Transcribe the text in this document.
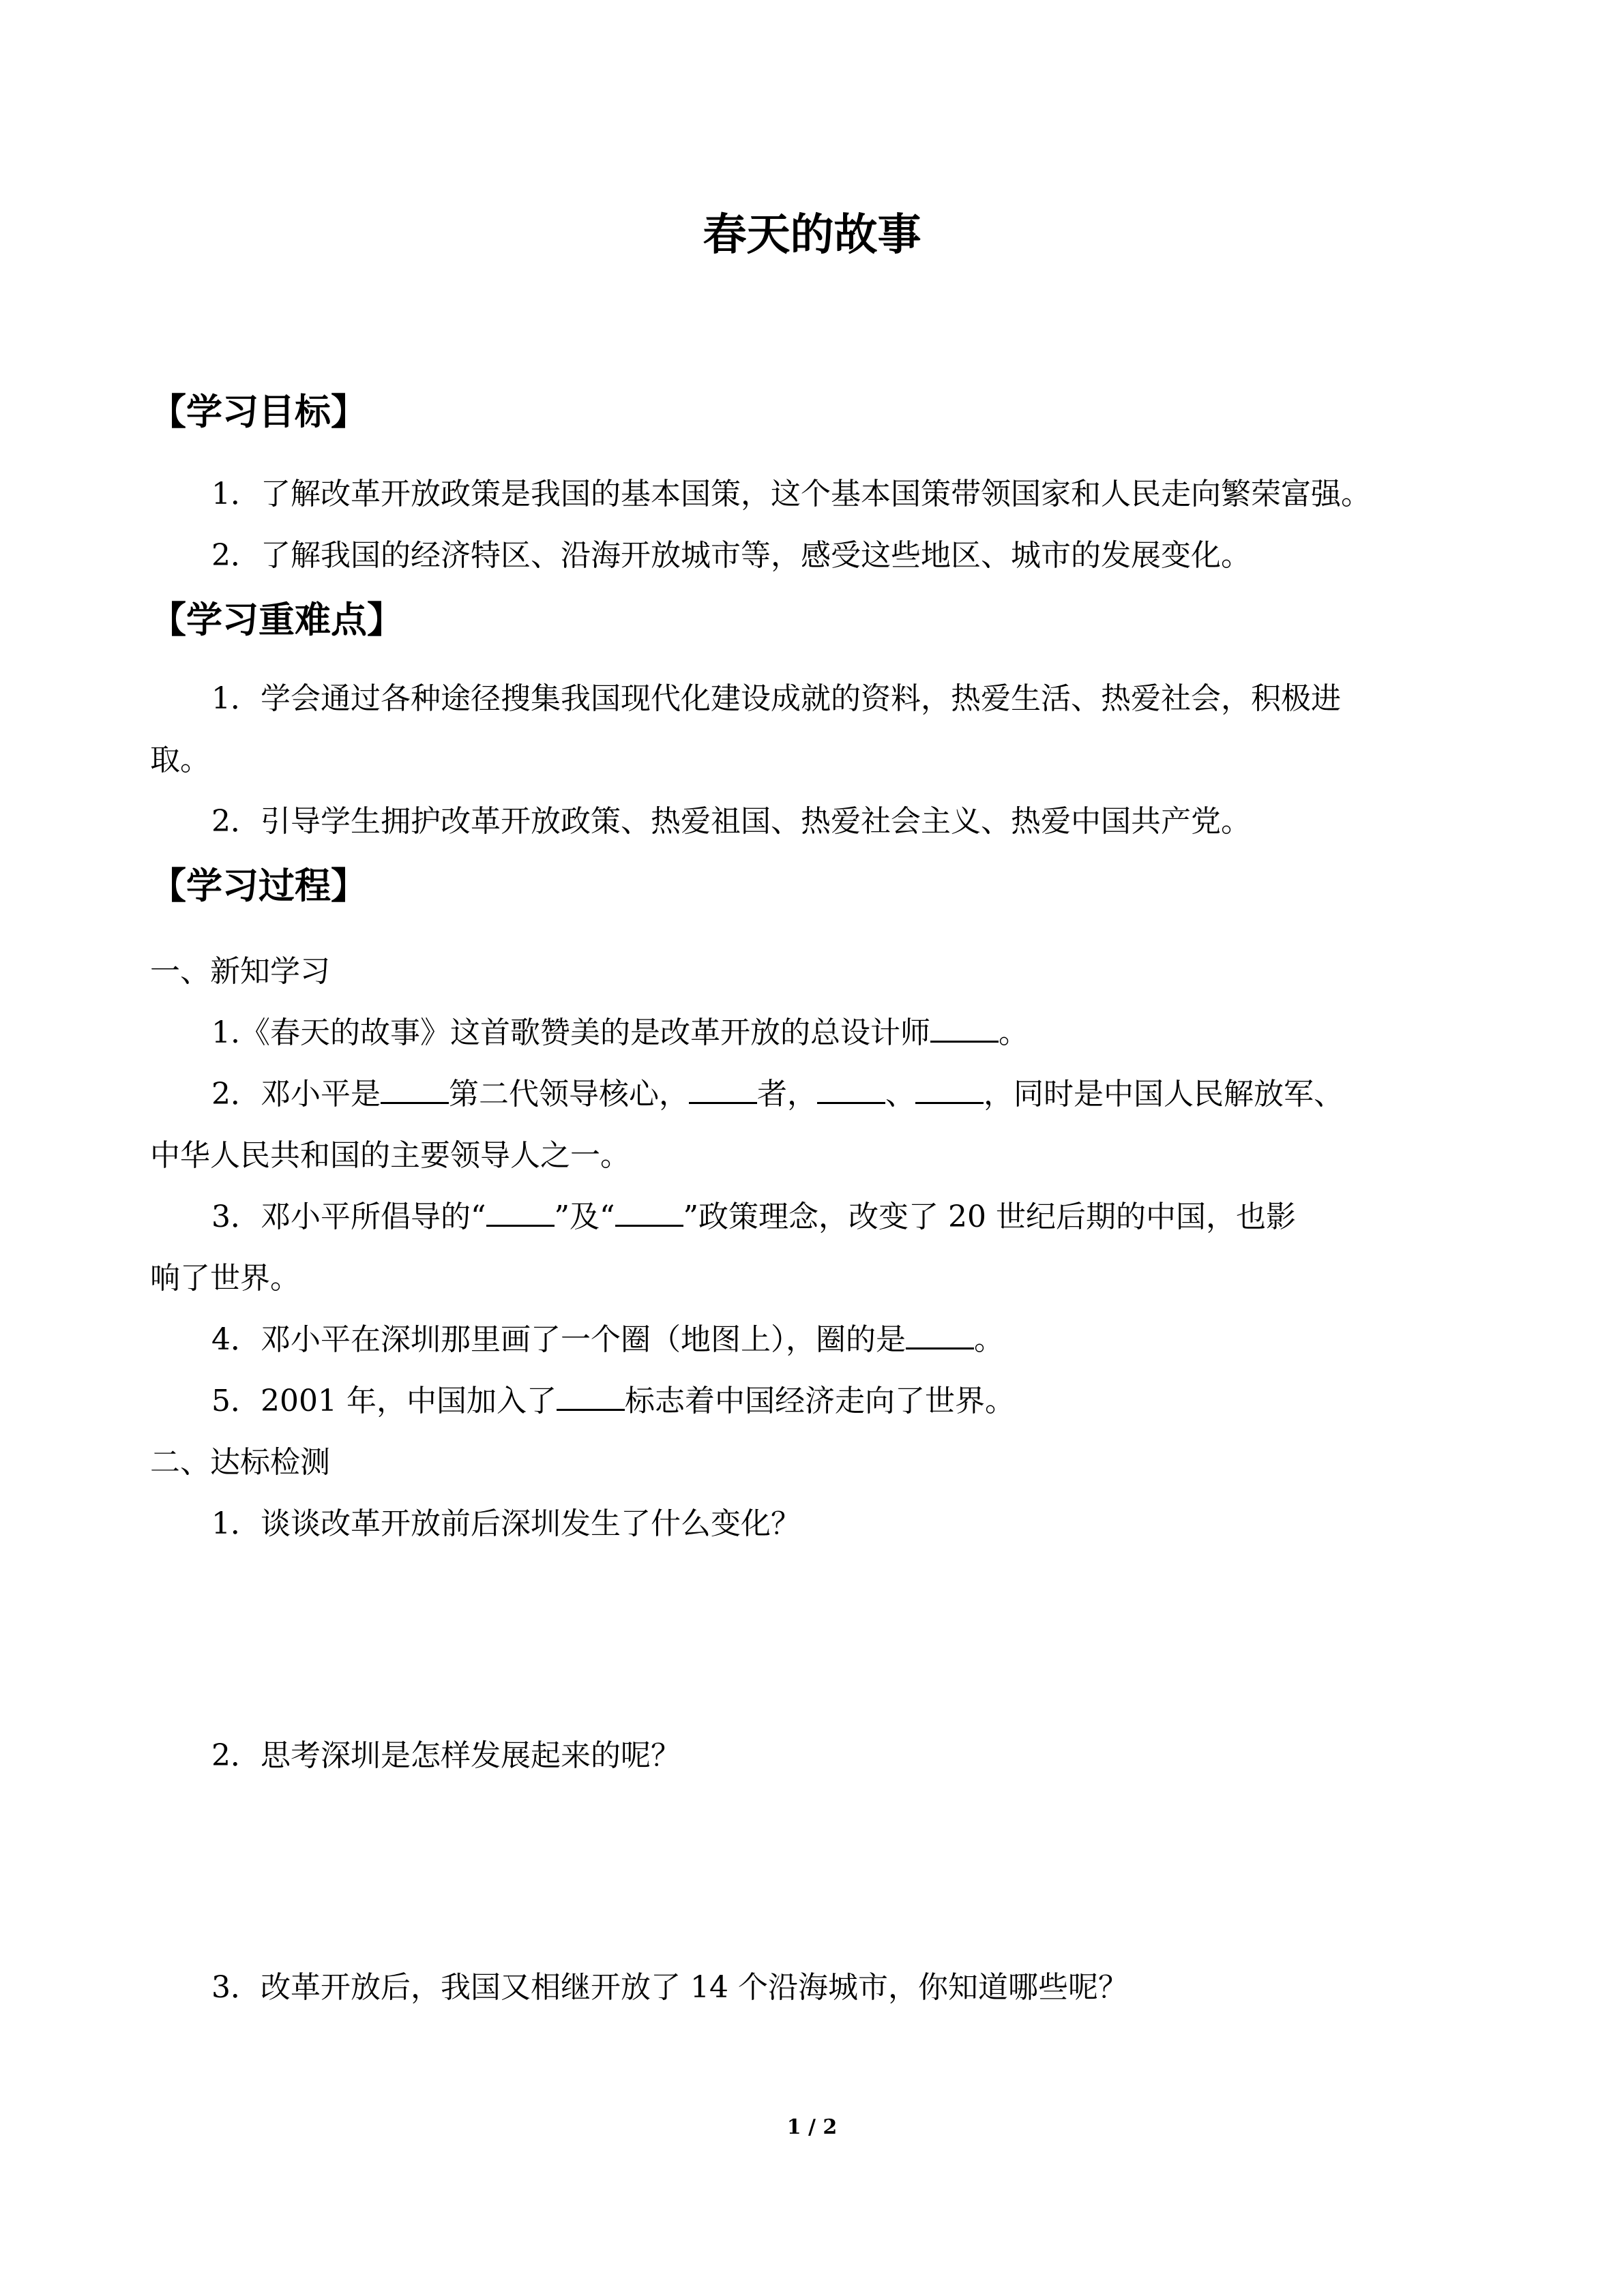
春天的故事
【学习目标】

1．了解改革开放政策是我国的基本国策，这个基本国策带领国家和人民走向繁荣富强。

2．了解我国的经济特区、沿海开放城市等，感受这些地区、城市的发展变化。

【学习重难点】

1．学会通过各种途径搜集我国现代化建设成就的资料，热爱生活、热爱社会，积极进

取。

2．引导学生拥护改革开放政策、热爱祖国、热爱社会主义、热爱中国共产党。

【学习过程】

一、新知学习

1.《春天的故事》这首歌赞美的是改革开放的总设计师 。

2．邓小平是 第二代领导核心， 者， 、 ，同时是中国人民解放军、

中华人民共和国的主要领导人之一。

3．邓小平所倡导的“ ”及“ ”政策理念，改变了 20 世纪后期的中国，也影

响了世界。

4．邓小平在深圳那里画了一个圈（地图上），圈的是 。

5．2001 年，中国加入了 标志着中国经济走向了世界。

二、达标检测

1．谈谈改革开放前后深圳发生了什么变化？

2．思考深圳是怎样发展起来的呢？

3．改革开放后，我国又相继开放了 14 个沿海城市，你知道哪些呢？

1 / 2
